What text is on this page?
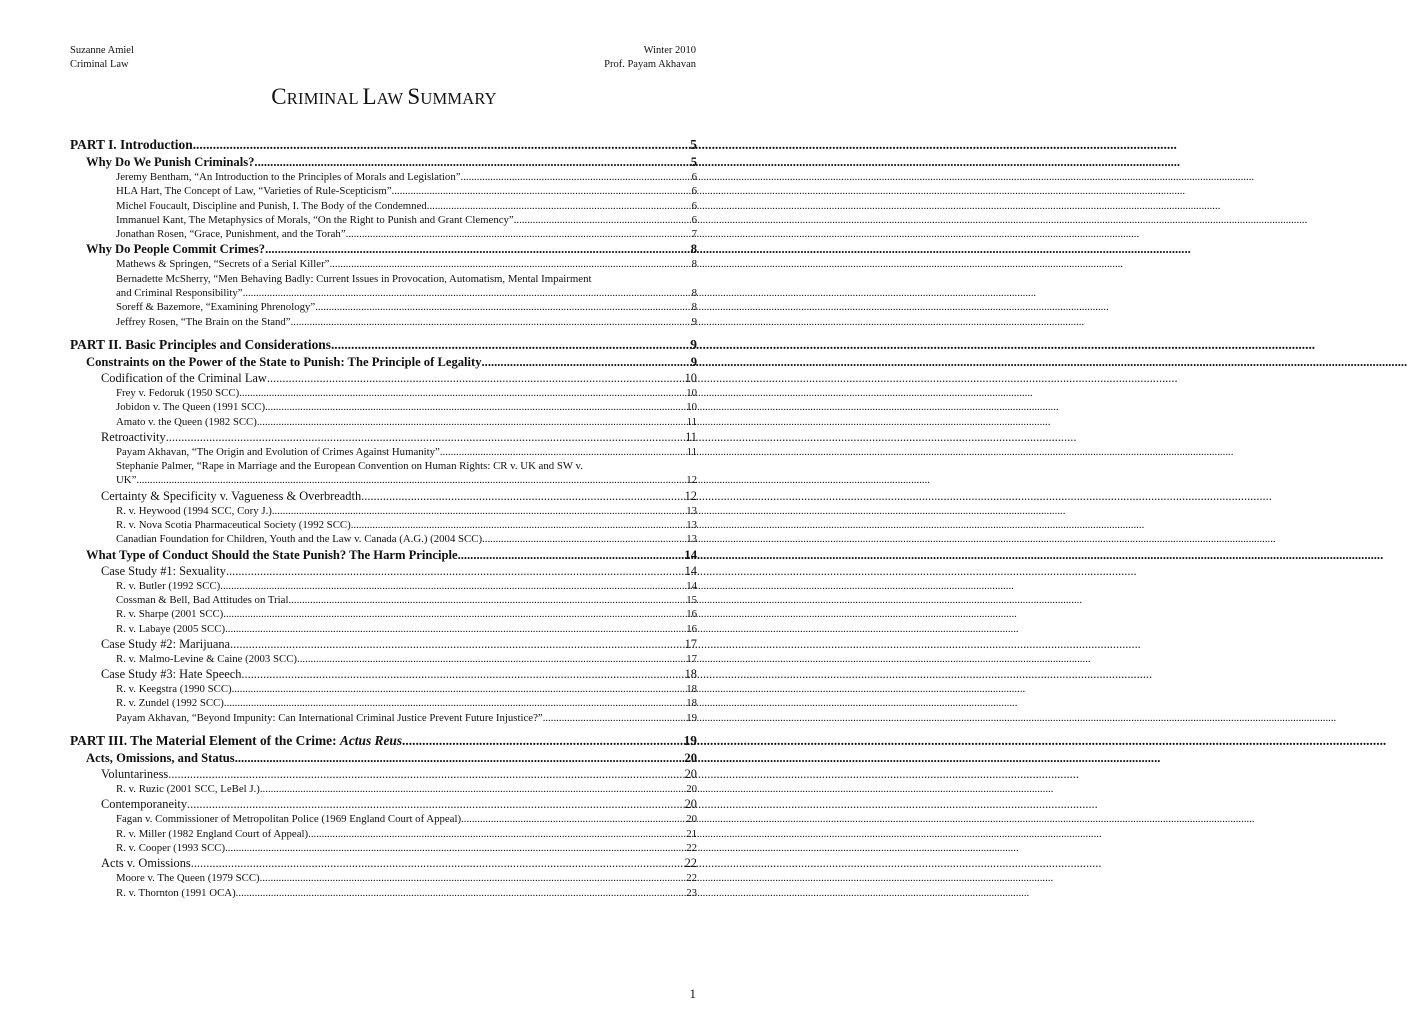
Suzanne Amiel
Criminal Law
Winter 2010
Prof. Payam Akhavan
CRIMINAL LAW SUMMARY
PART I. Introduction .....	5
Why Do We Punish Criminals? .....	5
Jeremy Bentham, “An Introduction to the Principles of Morals and Legislation” .....	6
HLA Hart, The Concept of Law, “Varieties of Rule-Scepticism” .....	6
Michel Foucault, Discipline and Punish, I. The Body of the Condemned .....	6
Immanuel Kant, The Metaphysics of Morals, “On the Right to Punish and Grant Clemency” .....	6
Jonathan Rosen, “Grace, Punishment, and the Torah” .....	7
Why Do People Commit Crimes? .....	8
Mathews & Springen, “Secrets of a Serial Killer” .....	8
Bernadette McSherry, “Men Behaving Badly: Current Issues in Provocation, Automatism, Mental Impairment
and Criminal Responsibility” .....	8
Soreff & Bazemore, “Examining Phrenology” .....	8
Jeffrey Rosen, “The Brain on the Stand” .....	9
PART II. Basic Principles and Considerations .....	9
Constraints on the Power of the State to Punish: The Principle of Legality .....	9
Codification of the Criminal Law .....	10
Frey v. Fedoruk (1950 SCC) .....	10
Jobidon v. The Queen (1991 SCC) .....	10
Amato v. the Queen (1982 SCC) .....	11
Retroactivity .....	11
Payam Akhavan, “The Origin and Evolution of Crimes Against Humanity” .....	11
Stephanie Palmer, “Rape in Marriage and the European Convention on Human Rights: CR v. UK and SW v.
UK” .....	12
Certainty & Specificity v. Vagueness & Overbreadth .....	12
R. v. Heywood (1994 SCC, Cory J.) .....	13
R. v. Nova Scotia Pharmaceutical Society (1992 SCC) .....	13
Canadian Foundation for Children, Youth and the Law v. Canada (A.G.) (2004 SCC) .....	13
What Type of Conduct Should the State Punish? The Harm Principle .....	14
Case Study #1: Sexuality .....	14
R. v. Butler (1992 SCC) .....	14
Cossman & Bell, Bad Attitudes on Trial .....	15
R. v. Sharpe (2001 SCC) .....	16
R. v. Labaye (2005 SCC) .....	16
Case Study #2: Marijuana .....	17
R. v. Malmo-Levine & Caine (2003 SCC) .....	17
Case Study #3: Hate Speech .....	18
R. v. Keegstra (1990 SCC) .....	18
R. v. Zundel (1992 SCC) .....	18
Payam Akhavan, “Beyond Impunity: Can International Criminal Justice Prevent Future Injustice?” .....	19
PART III. The Material Element of the Crime: Actus Reus .....	19
Acts, Omissions, and Status .....	20
Voluntariness .....	20
R. v. Ruzic (2001 SCC, LeBel J.) .....	20
Contemporaneity .....	20
Fagan v. Commissioner of Metropolitan Police (1969 England Court of Appeal) .....	20
R. v. Miller (1982 England Court of Appeal) .....	21
R. v. Cooper (1993 SCC) .....	22
Acts v. Omissions .....	22
Moore v. The Queen (1979 SCC) .....	22
R. v. Thornton (1991 OCA) .....	23
1
